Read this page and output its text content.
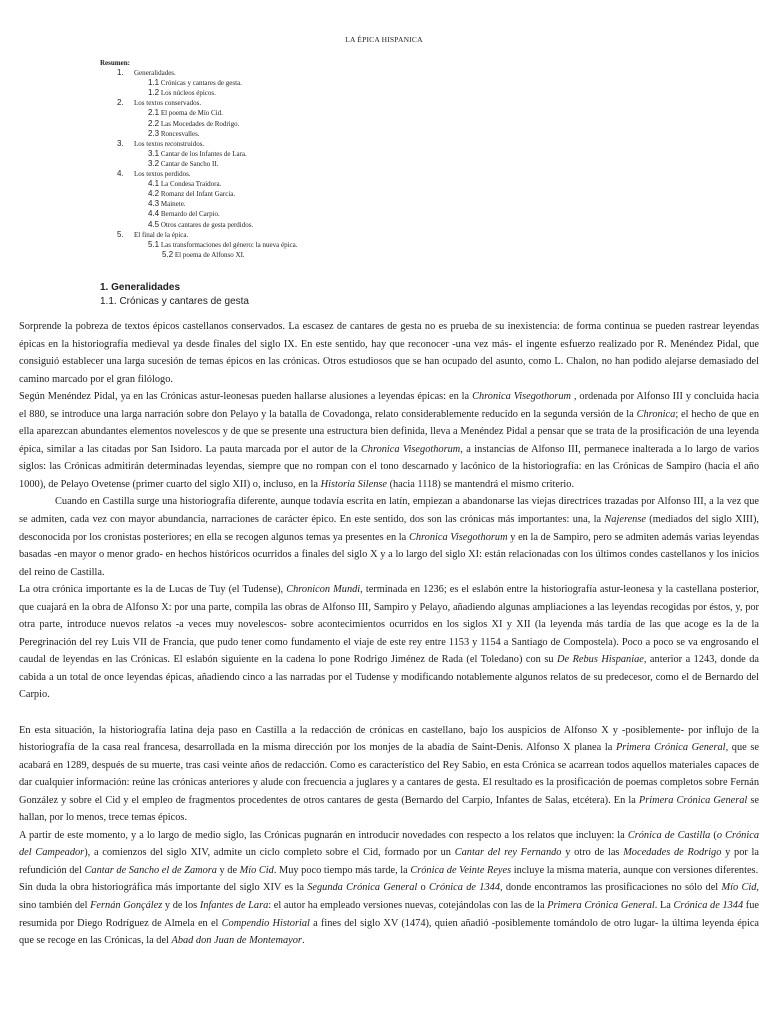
LA ÉPICA HISPANICA
Resumen:
1. Generalidades.
1.1 Crónicas y cantares de gesta.
1.2 Los núcleos épicos.
2. Los textos conservados.
2.1 El poema de Mío Cid.
2.2 Las Mocedades de Rodrigo.
2.3 Roncesvalles.
3. Los textos reconstruidos.
3.1 Cantar de los Infantes de Lara.
3.2 Cantar de Sancho II.
4. Los textos perdidos.
4.1 La Condesa Traidora.
4.2 Romanz del Infant Garcia.
4.3 Mainete.
4.4 Bernardo del Carpio.
4.5 Otros cantares de gesta perdidos.
5. El final de la épica.
5.1 Las transformaciones del género: la nueva épica.
5.2 El poema de Alfonso XI.
1. Generalidades
1.1. Crónicas y cantares de gesta

Sorprende la pobreza de textos épicos castellanos conservados. La escasez de cantares de gesta no es prueba de su inexistencia: de forma continua se pueden rastrear leyendas épicas en la historiografía medieval ya desde finales del siglo IX. En este sentido, hay que reconocer -una vez más- el ingente esfuerzo realizado por R. Menéndez Pidal, que consiguió establecer una larga sucesión de temas épicos en las crónicas. Otros estudiosos que se han ocupado del asunto, como L. Chalon, no han podido alejarse demasiado del camino marcado por el gran filólogo.

Según Menéndez Pidal, ya en las Crónicas astur-leonesas pueden hallarse alusiones a leyendas épicas: en la Chronica Visegothorum , ordenada por Alfonso III y concluida hacia el 880, se introduce una larga narración sobre don Pelayo y la batalla de Covadonga, relato considerablemente reducido en la segunda versión de la Chronica; el hecho de que en ella aparezcan abundantes elementos novelescos y de que se presente una estructura bien definida, lleva a Menéndez Pidal a pensar que se trata de la prosificación de una leyenda épica, similar a las citadas por San Isidoro. La pauta marcada por el autor de la Chronica Visegothorum, a instancias de Alfonso III, permanece inalterada a lo largo de varios siglos: las Crónicas admitirán determinadas leyendas, siempre que no rompan con el tono descarnado y lacónico de la historiografía: en las Crónicas de Sampiro (hacia el año 1000), de Pelayo Ovetense (primer cuarto del siglo XII) o, incluso, en la Historia Silense (hacia 1118) se mantendrá el mismo criterio.

Cuando en Castilla surge una historiografía diferente, aunque todavía escrita en latín, empiezan a abandonarse las viejas directrices trazadas por Alfonso III, a la vez que se admiten, cada vez con mayor abundancia, narraciones de carácter épico. En este sentido, dos son las crónicas más importantes: una, la Najerense (mediados del siglo XIII), desconocida por los cronistas posteriores; en ella se recogen algunos temas ya presentes en la Chronica Visegothorum y en la de Sampiro, pero se admiten además varias leyendas basadas -en mayor o menor grado- en hechos históricos ocurridos a finales del siglo X y a lo largo del siglo XI: están relacionadas con los últimos condes castellanos y los inicios del reino de Castilla.

La otra crónica importante es la de Lucas de Tuy (el Tudense), Chronicon Mundi, terminada en 1236; es el eslabón entre la historiografía astur-leonesa y la castellana posterior, que cuajará en la obra de Alfonso X: por una parte, compila las obras de Alfonso III, Sampiro y Pelayo, añadiendo algunas ampliaciones a las leyendas recogidas por éstos, y, por otra parte, introduce nuevos relatos -a veces muy novelescos- sobre acontecimientos ocurridos en los siglos XI y XII (la leyenda más tardía de las que acoge es la de la Peregrinación del rey Luis VII de Francia, que pudo tener como fundamento el viaje de este rey entre 1153 y 1154 a Santiago de Compostela). Poco a poco se va engrosando el caudal de leyendas en las Crónicas. El eslabón siguiente en la cadena lo pone Rodrigo Jiménez de Rada (el Toledano) con su De Rebus Hispaniae, anterior a 1243, donde da cabida a un total de once leyendas épicas, añadiendo cinco a las narradas por el Tudense y modificando notablemente algunos relatos de su predecesor, como el de Bernardo del Carpio.

En esta situación, la historiografía latina deja paso en Castilla a la redacción de crónicas en castellano, bajo los auspicios de Alfonso X y -posiblemente- por influjo de la historiografía de la casa real francesa, desarrollada en la misma dirección por los monjes de la abadía de Saint-Denis. Alfonso X planea la Primera Crónica General, que se acabará en 1289, después de su muerte, tras casi veinte años de redacción. Como es característico del Rey Sabio, en esta Crónica se acarrean todos aquellos materiales capaces de dar cualquier información: reúne las crónicas anteriores y alude con frecuencia a juglares y a cantares de gesta. El resultado es la prosificación de poemas completos sobre Fernán González y sobre el Cid y el empleo de fragmentos procedentes de otros cantares de gesta (Bernardo del Carpio, Infantes de Salas, etcétera). En la Primera Crónica General se hallan, por lo menos, trece temas épicos.

A partir de este momento, y a lo largo de medio siglo, las Crónicas pugnarán en introducir novedades con respecto a los relatos que incluyen: la Crónica de Castilla (o Crónica del Campeador), a comienzos del siglo XIV, admite un ciclo completo sobre el Cid, formado por un Cantar del rey Fernando y otro de las Mocedades de Rodrigo y por la refundición del Cantar de Sancho el de Zamora y de Mío Cid. Muy poco tiempo más tarde, la Crónica de Veinte Reyes incluye la misma materia, aunque con versiones diferentes.

Sin duda la obra historiográfica más importante del siglo XIV es la Segunda Crónica General o Crónica de 1344, donde encontramos las prosificaciones no sólo del Mío Cid, sino también del Fernán Gonçález y de los Infantes de Lara: el autor ha empleado versiones nuevas, cotejándolas con las de la Primera Crónica General. La Crónica de 1344 fue resumida por Diego Rodríguez de Almela en el Compendio Historial a fines del siglo XV (1474), quien añadió -posiblemente tomándolo de otro lugar- la última leyenda épica que se recoge en las Crónicas, la del Abad don Juan de Montemayor.
